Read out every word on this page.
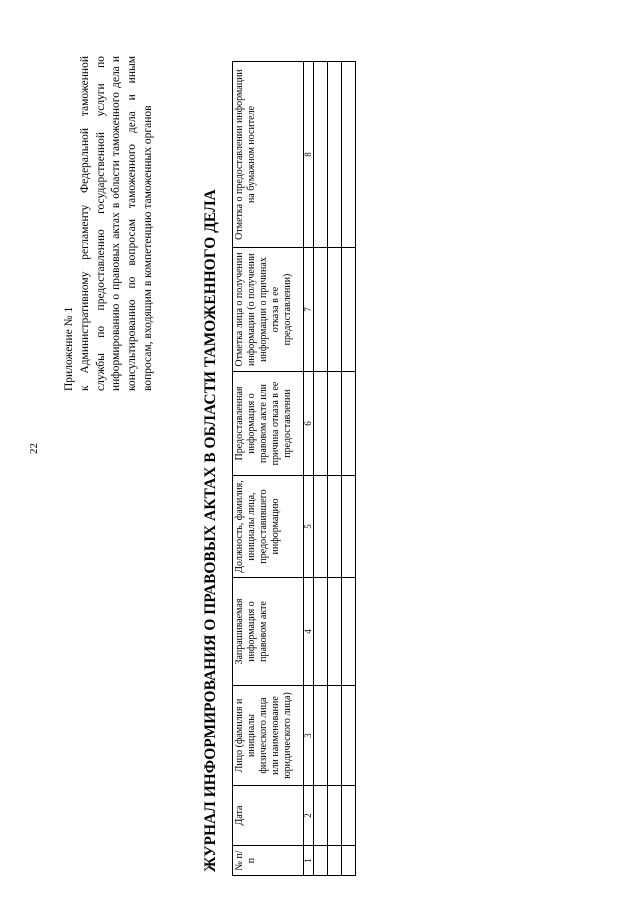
22

Приложение № 1 к Административному регламенту Федеральной таможенной службы по предоставлению государственной услуги по информированию о правовых актах в области таможенного дела и консультированию по вопросам таможенного дела и иным вопросам, входящим в компетенцию таможенных органов	ЖУРНАЛ ИНФОРМИРОВАНИЯ О ПРАВОВЫХ АКТАХ В ОБЛАСТИ ТАМОЖЕННОГО ДЕЛА № п/п	Дата	Лицо (фамилия и инициалы физического лица или наименование юридического лица)	Запрашиваемая информация о правовом акте	Должность, фамилия, инициалы лица, предоставившего информацию	Предоставленная информация о правовом акте или причина отказа в ее предоставлении	Отметка лица о получении информации (о получении информации о причинах отказа в ее предоставлении)	Отметка о предоставлении информации на бумажном носителе
1	2	3	4	5	6	7	8
